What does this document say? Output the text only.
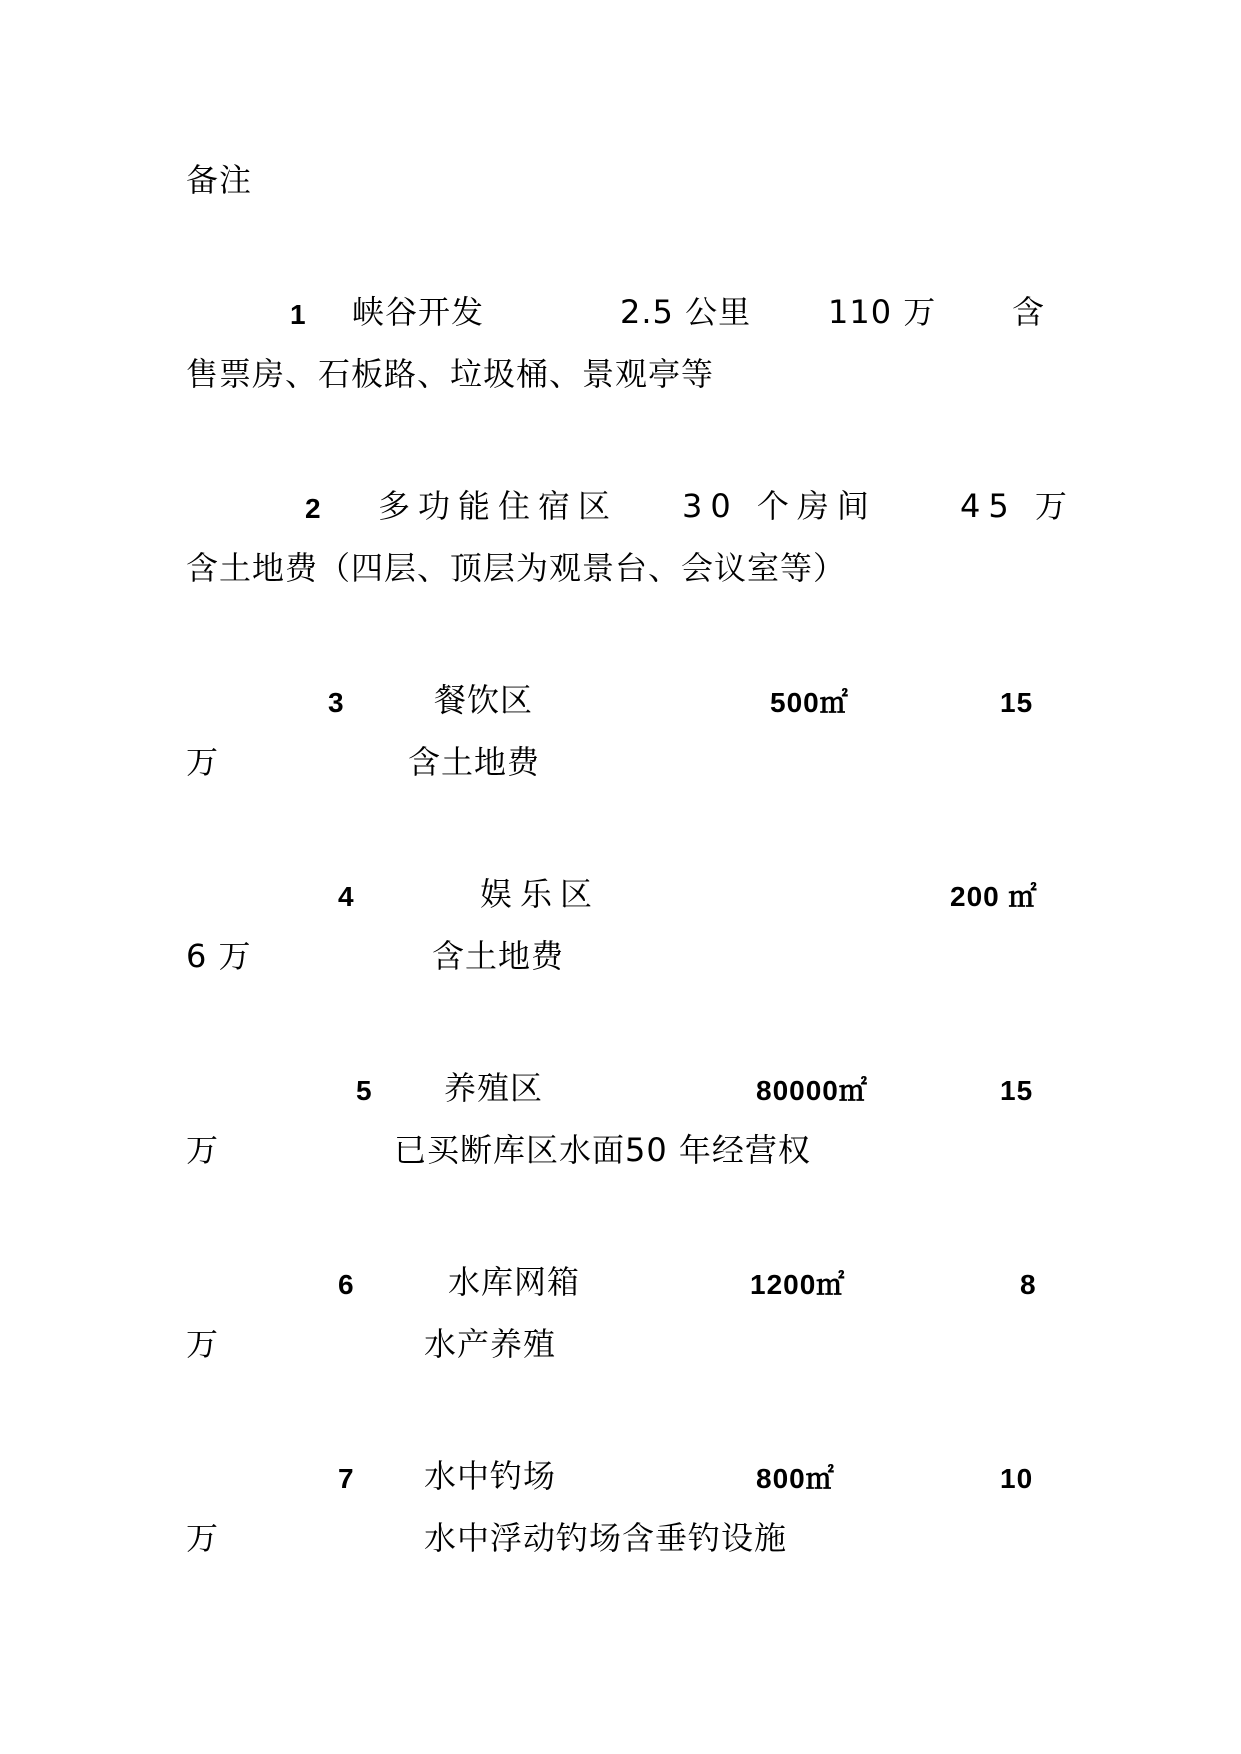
备注
1 峡谷开发	2.5 公里 110 万 含
售票房、石板路、垃圾桶、景观亭等
2 多功能住宿区 30 个房间	45 万
含土地费（四层、顶层为观景台、会议室等）
3	餐饮区	500㎡	15
万	含土地费
4	娱乐区	200 ㎡
6 万	含土地费
5 养殖区	80000㎡	15
万	已买断库区水面50 年经营权
6	水库网箱	1200㎡	8
万	水产养殖
7 水中钓场	800㎡	10
万	水中浮动钓场含垂钓设施
